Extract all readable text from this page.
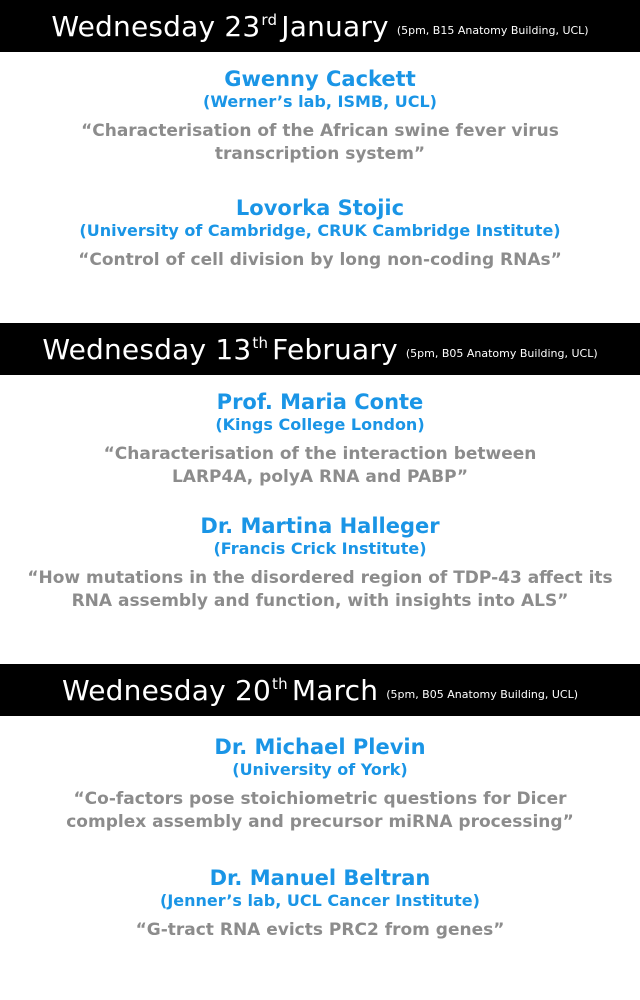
Wednesday 23rd January (5pm, B15 Anatomy Building, UCL)
Gwenny Cackett
(Werner’s lab, ISMB, UCL)
“Characterisation of the African swine fever virus
transcription system”
Lovorka Stojic
(University of Cambridge, CRUK Cambridge Institute)
“Control of cell division by long non-coding RNAs”
Wednesday 13th February (5pm, B05 Anatomy Building, UCL)
Prof. Maria Conte
(Kings College London)
“Characterisation of the interaction between
LARP4A, polyA RNA and PABP”
Dr. Martina Halleger
(Francis Crick Institute)
“How mutations in the disordered region of TDP-43 affect its
RNA assembly and function, with insights into ALS”
Wednesday 20th March (5pm, B05 Anatomy Building, UCL)
Dr. Michael Plevin
(University of York)
“Co-factors pose stoichiometric questions for Dicer
complex assembly and precursor miRNA processing”
Dr. Manuel Beltran
(Jenner’s lab, UCL Cancer Institute)
“G-tract RNA evicts PRC2 from genes”
